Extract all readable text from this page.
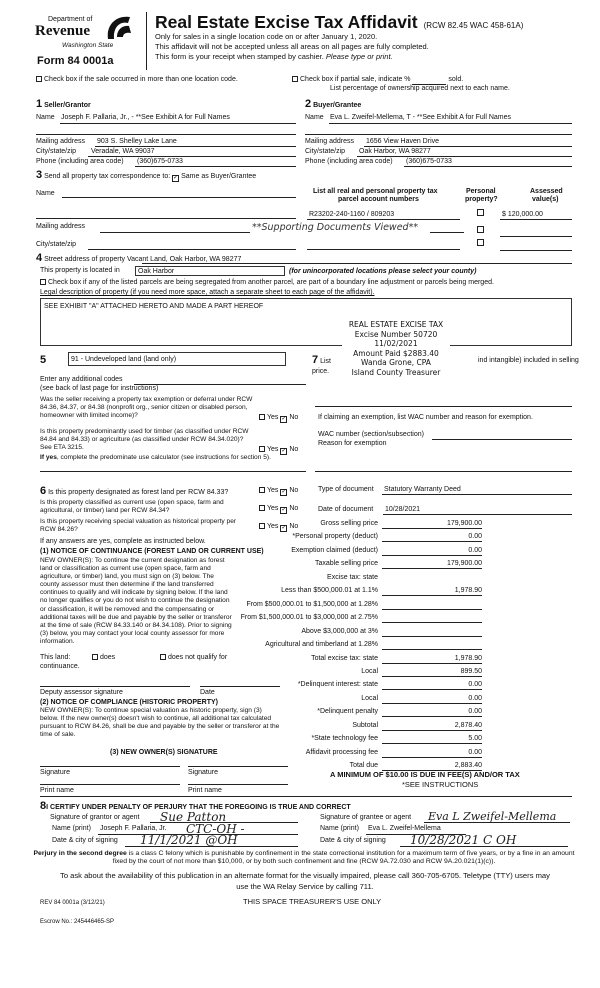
Department of
Revenue
Washington State
Form 84 0001a
Real Estate Excise Tax Affidavit (RCW 82.45 WAC 458-61A)
Only for sales in a single location code on or after January 1, 2020.
This affidavit will not be accepted unless all areas on all pages are fully completed.
This form is your receipt when stamped by cashier. Please type or print.
Check box if the sale occurred in more than one location code.	Check box if partial sale, indicate %	sold.
List percentage of ownership acquired next to each name.
1 Seller/Grantor
Name Joseph F. Pallaria, Jr., - **See Exhibit A for Full Names
Mailing address 903 S. Shelley Lake Lane
City/state/zip Veradale, WA 99037
Phone (including area code) (360)675-0733
2 Buyer/Grantee
Name Eva L. Zweifel-Mellema, T - **See Exhibit A for Full Names
Mailing address 1656 View Haven Drive
City/state/zip Oak Harbor, WA 98277
Phone (including area code) (360)675-0733
3 Send all property tax correspondence to: ✓ Same as Buyer/Grantee
Name
Mailing address	**Supporting Documents Viewed**
City/state/zip
List all real and personal property tax
parcel account numbers
Personal
property?
Assessed
value(s)
R23202-240-1160 / 809203	$ 120,000.00
4 Street address of property Vacant Land, Oak Harbor, WA 98277
This property is located in	Oak Harbor	(for unincorporated locations please select your county)
Check box if any of the listed parcels are being segregated from another parcel, are part of a boundary line adjustment or parcels being merged.
Legal description of property (if you need more space, attach a separate sheet to each page of the affidavit).
SEE EXHIBIT "A" ATTACHED HERETO AND MADE A PART HEREOF
REAL ESTATE EXCISE TAX
Excise Number 50720
11/02/2021
Amount Paid $2883.40
Wanda Grone, CPA
Island County Treasurer
5	91 - Undeveloped land (land only)
Enter any additional codes
(see back of last page for instructions)
Was the seller receiving a property tax exemption or deferral under RCW 84.36, 84.37, or 84.38 (nonprofit org., senior citizen or disabled person, homeowner with limited income)?	Yes ✓ No
Is this property predominantly used for timber (as classified under RCW 84.84 and 84.33) or agriculture (as classified under RCW 84.34.020)? See ETA 3215.	Yes ✓ No
If yes, complete the predominate use calculator (see instructions for section 5).
7 List	ind intangible) included in selling
price.
If claiming an exemption, list WAC number and reason for exemption.
WAC number (section/subsection)
Reason for exemption
Type of document Statutory Warranty Deed
Date of document 10/28/2021
Gross selling price	179,900.00
*Personal property (deduct)	0.00
Exemption claimed (deduct)	0.00
Taxable selling price	179,900.00
Excise tax: state
Less than $500,000.01 at 1.1%	1,978.90
From $500,000.01 to $1,500,000 at 1.28%

From $1,500,000.01 to $3,000,000 at 2.75%

Above $3,000,000 at 3%

Agricultural and timberland at 1.28%

Total excise tax: state	1,978.90
Local	899.50
*Delinquent interest: state	0.00
Local	0.00
*Delinquent penalty	0.00
Subtotal	2,878.40
*State technology fee	5.00
Affidavit processing fee	0.00
Total due	2,883.40
A MINIMUM OF $10.00 IS DUE IN FEE(S) AND/OR TAX
*SEE INSTRUCTIONS
6 Is this property designated as forest land per RCW 84.33?	Yes ✓ No
Is this property classified as current use (open space, farm and agricultural, or timber) land per RCW 84.34?	Yes ✓ No
Is this property receiving special valuation as historical property per RCW 84.26?	Yes ✓ No
If any answers are yes, complete as instructed below.
(1) NOTICE OF CONTINUANCE (FOREST LAND OR CURRENT USE)
NEW OWNER(S): To continue the current designation as forest land or classification as current use (open space, farm and agriculture, or timber) land, you must sign on (3) below. The county assessor must then determine if the land transferred continues to qualify and will indicate by signing below. If the land no longer qualifies or you do not wish to continue the designation or classification, it will be removed and the compensating or additional taxes will be due and payable by the seller or transferor at the time of sale (RCW 84.33.140 or 84.34.108). Prior to signing (3) below, you may contact your local county assessor for more information.
This land:	does	does not qualify for
continuance.
Deputy assessor signature	Date
(2) NOTICE OF COMPLIANCE (HISTORIC PROPERTY)
NEW OWNER(S): To continue special valuation as historic property, sign (3) below. If the new owner(s) doesn't wish to continue, all additional tax calculated pursuant to RCW 84.26, shall be due and payable by the seller or transferor at the time of sale.
(3) NEW OWNER(S) SIGNATURE
Signature	Signature
Print name	Print name
8I CERTIFY UNDER PENALTY OF PERJURY THAT THE FOREGOING IS TRUE AND CORRECT
Signature of grantor or agent Sue Patton
Name (print) Joseph F. Pallaria, Jr. CTC-OH -
Date & city of signing 11/1/2021 @OH
Signature of grantee or agent Eva L Zweifel-Mellema
Name (print) Eva L. Zweifel-Mellema
Date & city of signing 10/28/2021 C OH
Perjury in the second degree is a class C felony which is punishable by confinement in the state correctional institution for a maximum term of five years, or by a fine in an amount fixed by the court of not more than $10,000, or by both such confinement and fine (RCW 9A.72.030 and RCW 9A.20.021(1)(c)).
To ask about the availability of this publication in an alternate format for the visually impaired, please call 360-705-6705. Teletype (TTY) users may use the WA Relay Service by calling 711.
REV 84 0001a (3/12/21)	THIS SPACE TREASURER'S USE ONLY
Escrow No.: 245446465-SP
